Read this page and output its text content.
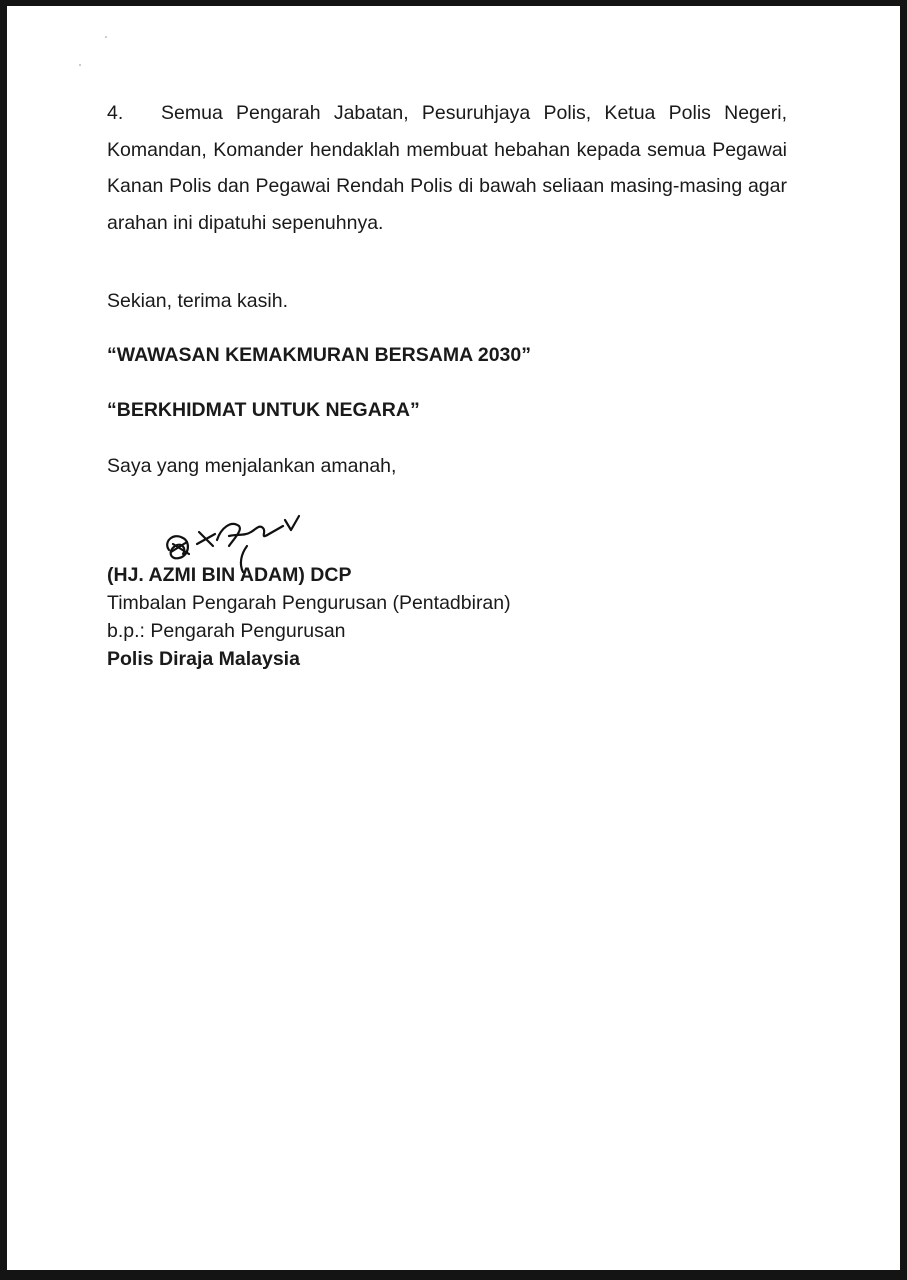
4. Semua Pengarah Jabatan, Pesuruhjaya Polis, Ketua Polis Negeri, Komandan, Komander hendaklah membuat hebahan kepada semua Pegawai Kanan Polis dan Pegawai Rendah Polis di bawah seliaan masing-masing agar arahan ini dipatuhi sepenuhnya.
Sekian, terima kasih.
“WAWASAN KEMAKMURAN BERSAMA 2030”
“BERKHIDMAT UNTUK NEGARA”
Saya yang menjalankan amanah,
(HJ. AZMI BIN ADAM) DCP
Timbalan Pengarah Pengurusan (Pentadbiran)
b.p.: Pengarah Pengurusan
Polis Diraja Malaysia
